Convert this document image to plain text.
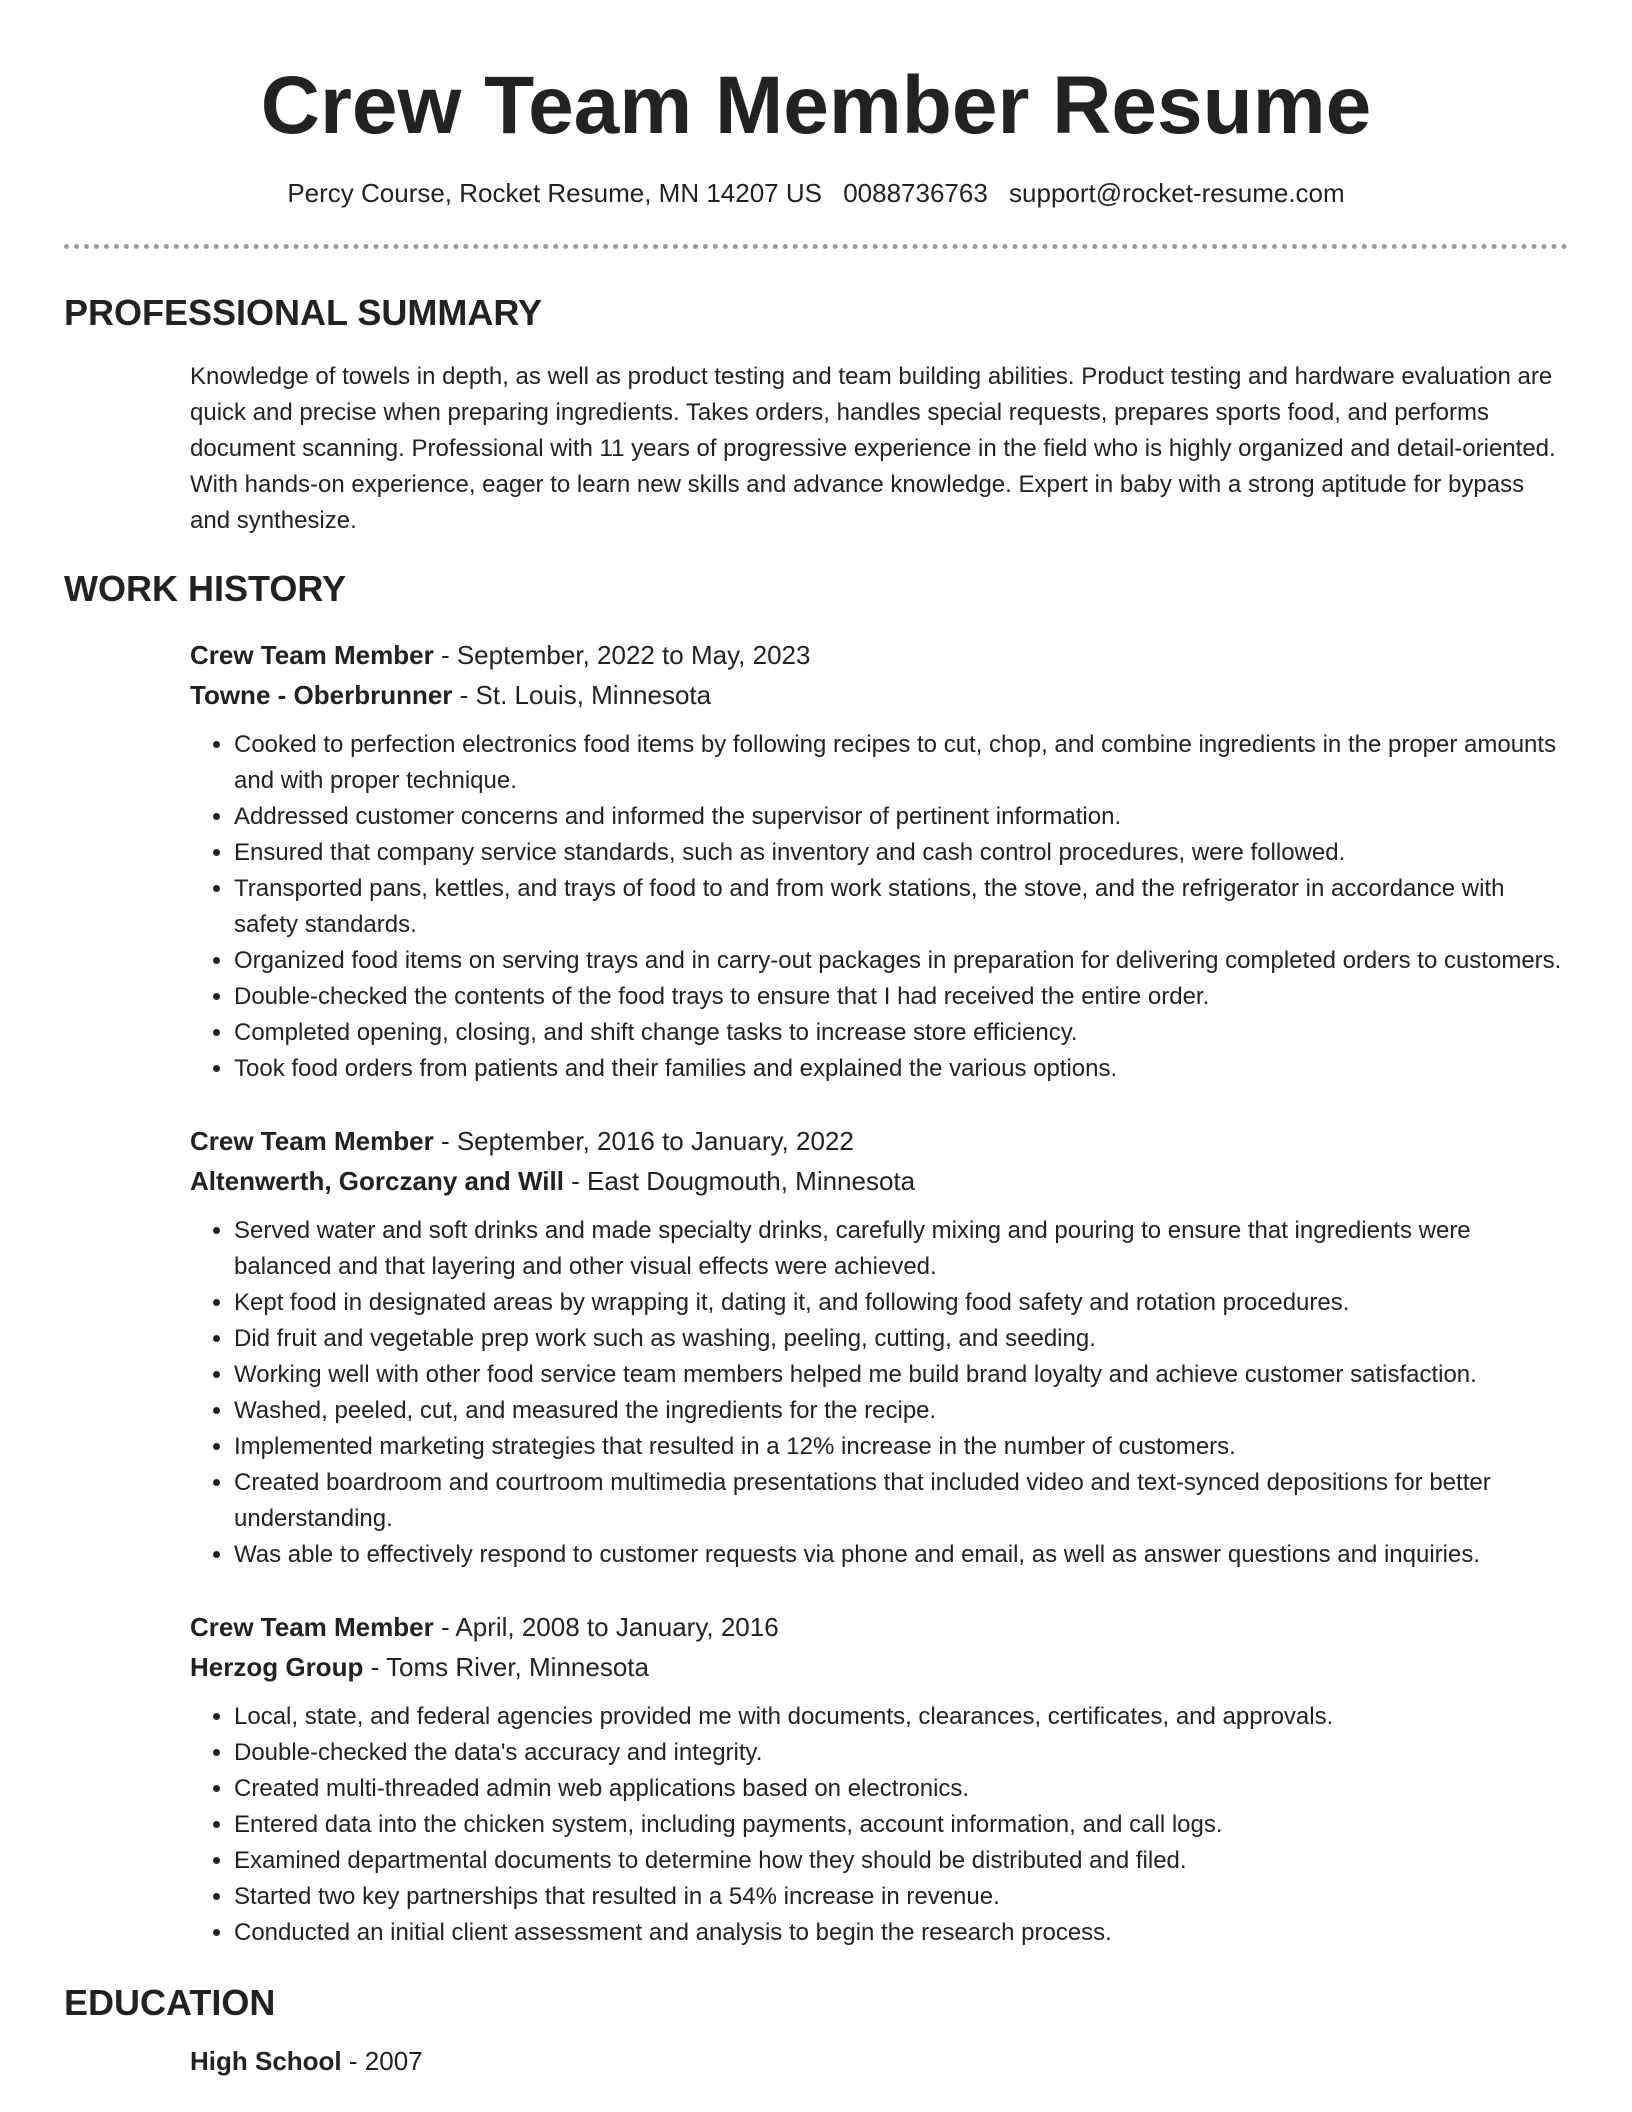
Crew Team Member Resume
Percy Course, Rocket Resume, MN 14207 US 0088736763 support@rocket-resume.com
PROFESSIONAL SUMMARY

Knowledge of towels in depth, as well as product testing and team building abilities. Product testing and hardware evaluation are quick and precise when preparing ingredients. Takes orders, handles special requests, prepares sports food, and performs document scanning. Professional with 11 years of progressive experience in the field who is highly organized and detail-oriented. With hands-on experience, eager to learn new skills and advance knowledge. Expert in baby with a strong aptitude for bypass and synthesize.

WORK HISTORY
Crew Team Member - September, 2022 to May, 2023
Towne - Oberbrunner - St. Louis, Minnesota
• Cooked to perfection electronics food items by following recipes to cut, chop, and combine ingredients in the proper amounts and with proper technique.
• Addressed customer concerns and informed the supervisor of pertinent information.
• Ensured that company service standards, such as inventory and cash control procedures, were followed.
• Transported pans, kettles, and trays of food to and from work stations, the stove, and the refrigerator in accordance with safety standards.
• Organized food items on serving trays and in carry-out packages in preparation for delivering completed orders to customers.
• Double-checked the contents of the food trays to ensure that I had received the entire order.
• Completed opening, closing, and shift change tasks to increase store efficiency.
• Took food orders from patients and their families and explained the various options.
Crew Team Member - September, 2016 to January, 2022
Altenwerth, Gorczany and Will - East Dougmouth, Minnesota
• Served water and soft drinks and made specialty drinks, carefully mixing and pouring to ensure that ingredients were balanced and that layering and other visual effects were achieved.
• Kept food in designated areas by wrapping it, dating it, and following food safety and rotation procedures.
• Did fruit and vegetable prep work such as washing, peeling, cutting, and seeding.
• Working well with other food service team members helped me build brand loyalty and achieve customer satisfaction.
• Washed, peeled, cut, and measured the ingredients for the recipe.
• Implemented marketing strategies that resulted in a 12% increase in the number of customers.
• Created boardroom and courtroom multimedia presentations that included video and text-synced depositions for better understanding.
• Was able to effectively respond to customer requests via phone and email, as well as answer questions and inquiries.
Crew Team Member - April, 2008 to January, 2016
Herzog Group - Toms River, Minnesota
• Local, state, and federal agencies provided me with documents, clearances, certificates, and approvals.
• Double-checked the data's accuracy and integrity.
• Created multi-threaded admin web applications based on electronics.
• Entered data into the chicken system, including payments, account information, and call logs.
• Examined departmental documents to determine how they should be distributed and filed.
• Started two key partnerships that resulted in a 54% increase in revenue.
• Conducted an initial client assessment and analysis to begin the research process.
EDUCATION
High School - 2007
